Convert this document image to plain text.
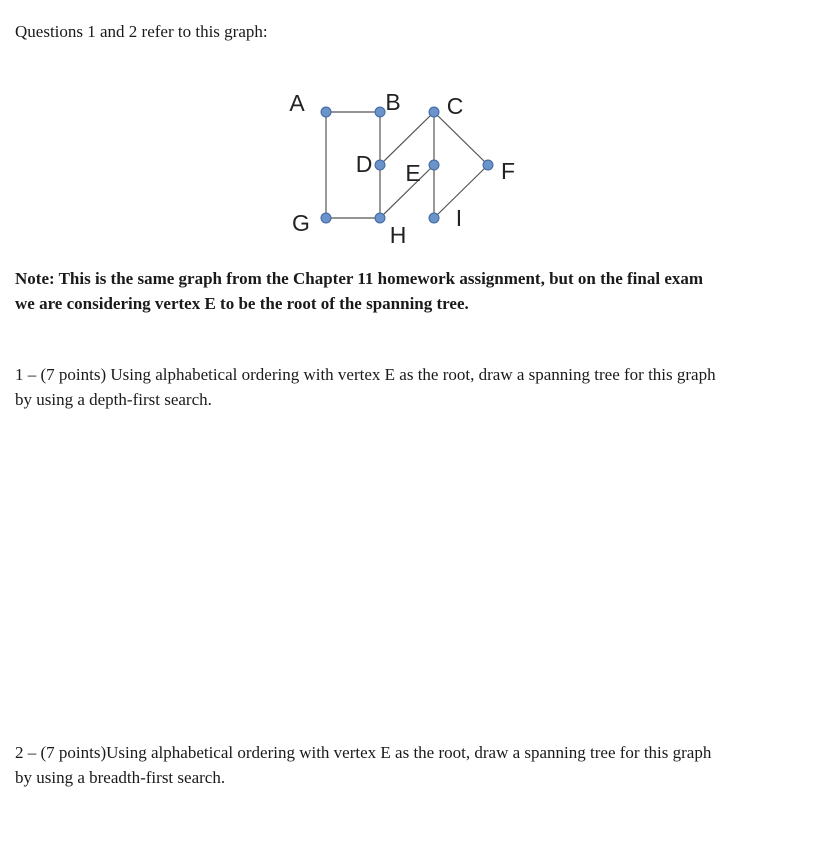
Questions 1 and 2 refer to this graph:
A	B C
D E	F
G	H
I
Note: This is the same graph from the Chapter 11 homework assignment, but on the final exam
we are considering vertex E to be the root of the spanning tree.
1 – (7 points) Using alphabetical ordering with vertex E as the root, draw a spanning tree for this graph
by using a depth-first search.
2 – (7 points)Using alphabetical ordering with vertex E as the root, draw a spanning tree for this graph
by using a breadth-first search.
